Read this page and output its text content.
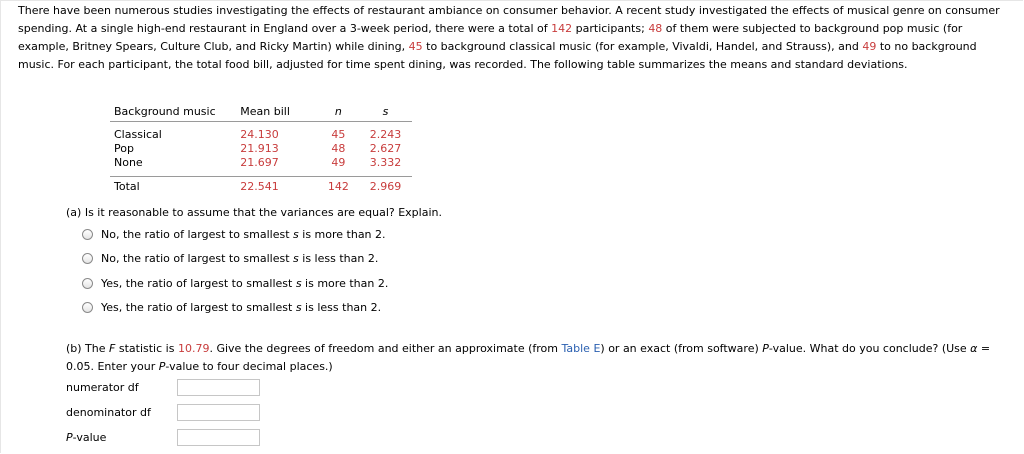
There have been numerous studies investigating the effects of restaurant ambiance on consumer behavior. A recent study investigated the effects of musical genre on consumer spending. At a single high-end restaurant in England over a 3-week period, there were a total of 142 participants; 48 of them were subjected to background pop music (for example, Britney Spears, Culture Club, and Ricky Martin) while dining, 45 to background classical music (for example, Vivaldi, Handel, and Strauss), and 49 to no background music. For each participant, the total food bill, adjusted for time spent dining, was recorded. The following table summarizes the means and standard deviations.
Background music	Mean bill	n	s

Classical	24.130	45	2.243
Pop	21.913	48	2.627
None	21.697	49	3.332

Total	22.541	142	2.969
(a) Is it reasonable to assume that the variances are equal? Explain.
No, the ratio of largest to smallest s is more than 2.
No, the ratio of largest to smallest s is less than 2.
Yes, the ratio of largest to smallest s is more than 2.
Yes, the ratio of largest to smallest s is less than 2.
(b) The F statistic is 10.79. Give the degrees of freedom and either an approximate (from Table E) or an exact (from software) P-value. What do you conclude? (Use α = 0.05. Enter your P-value to four decimal places.)
numerator df
denominator df
P-value
